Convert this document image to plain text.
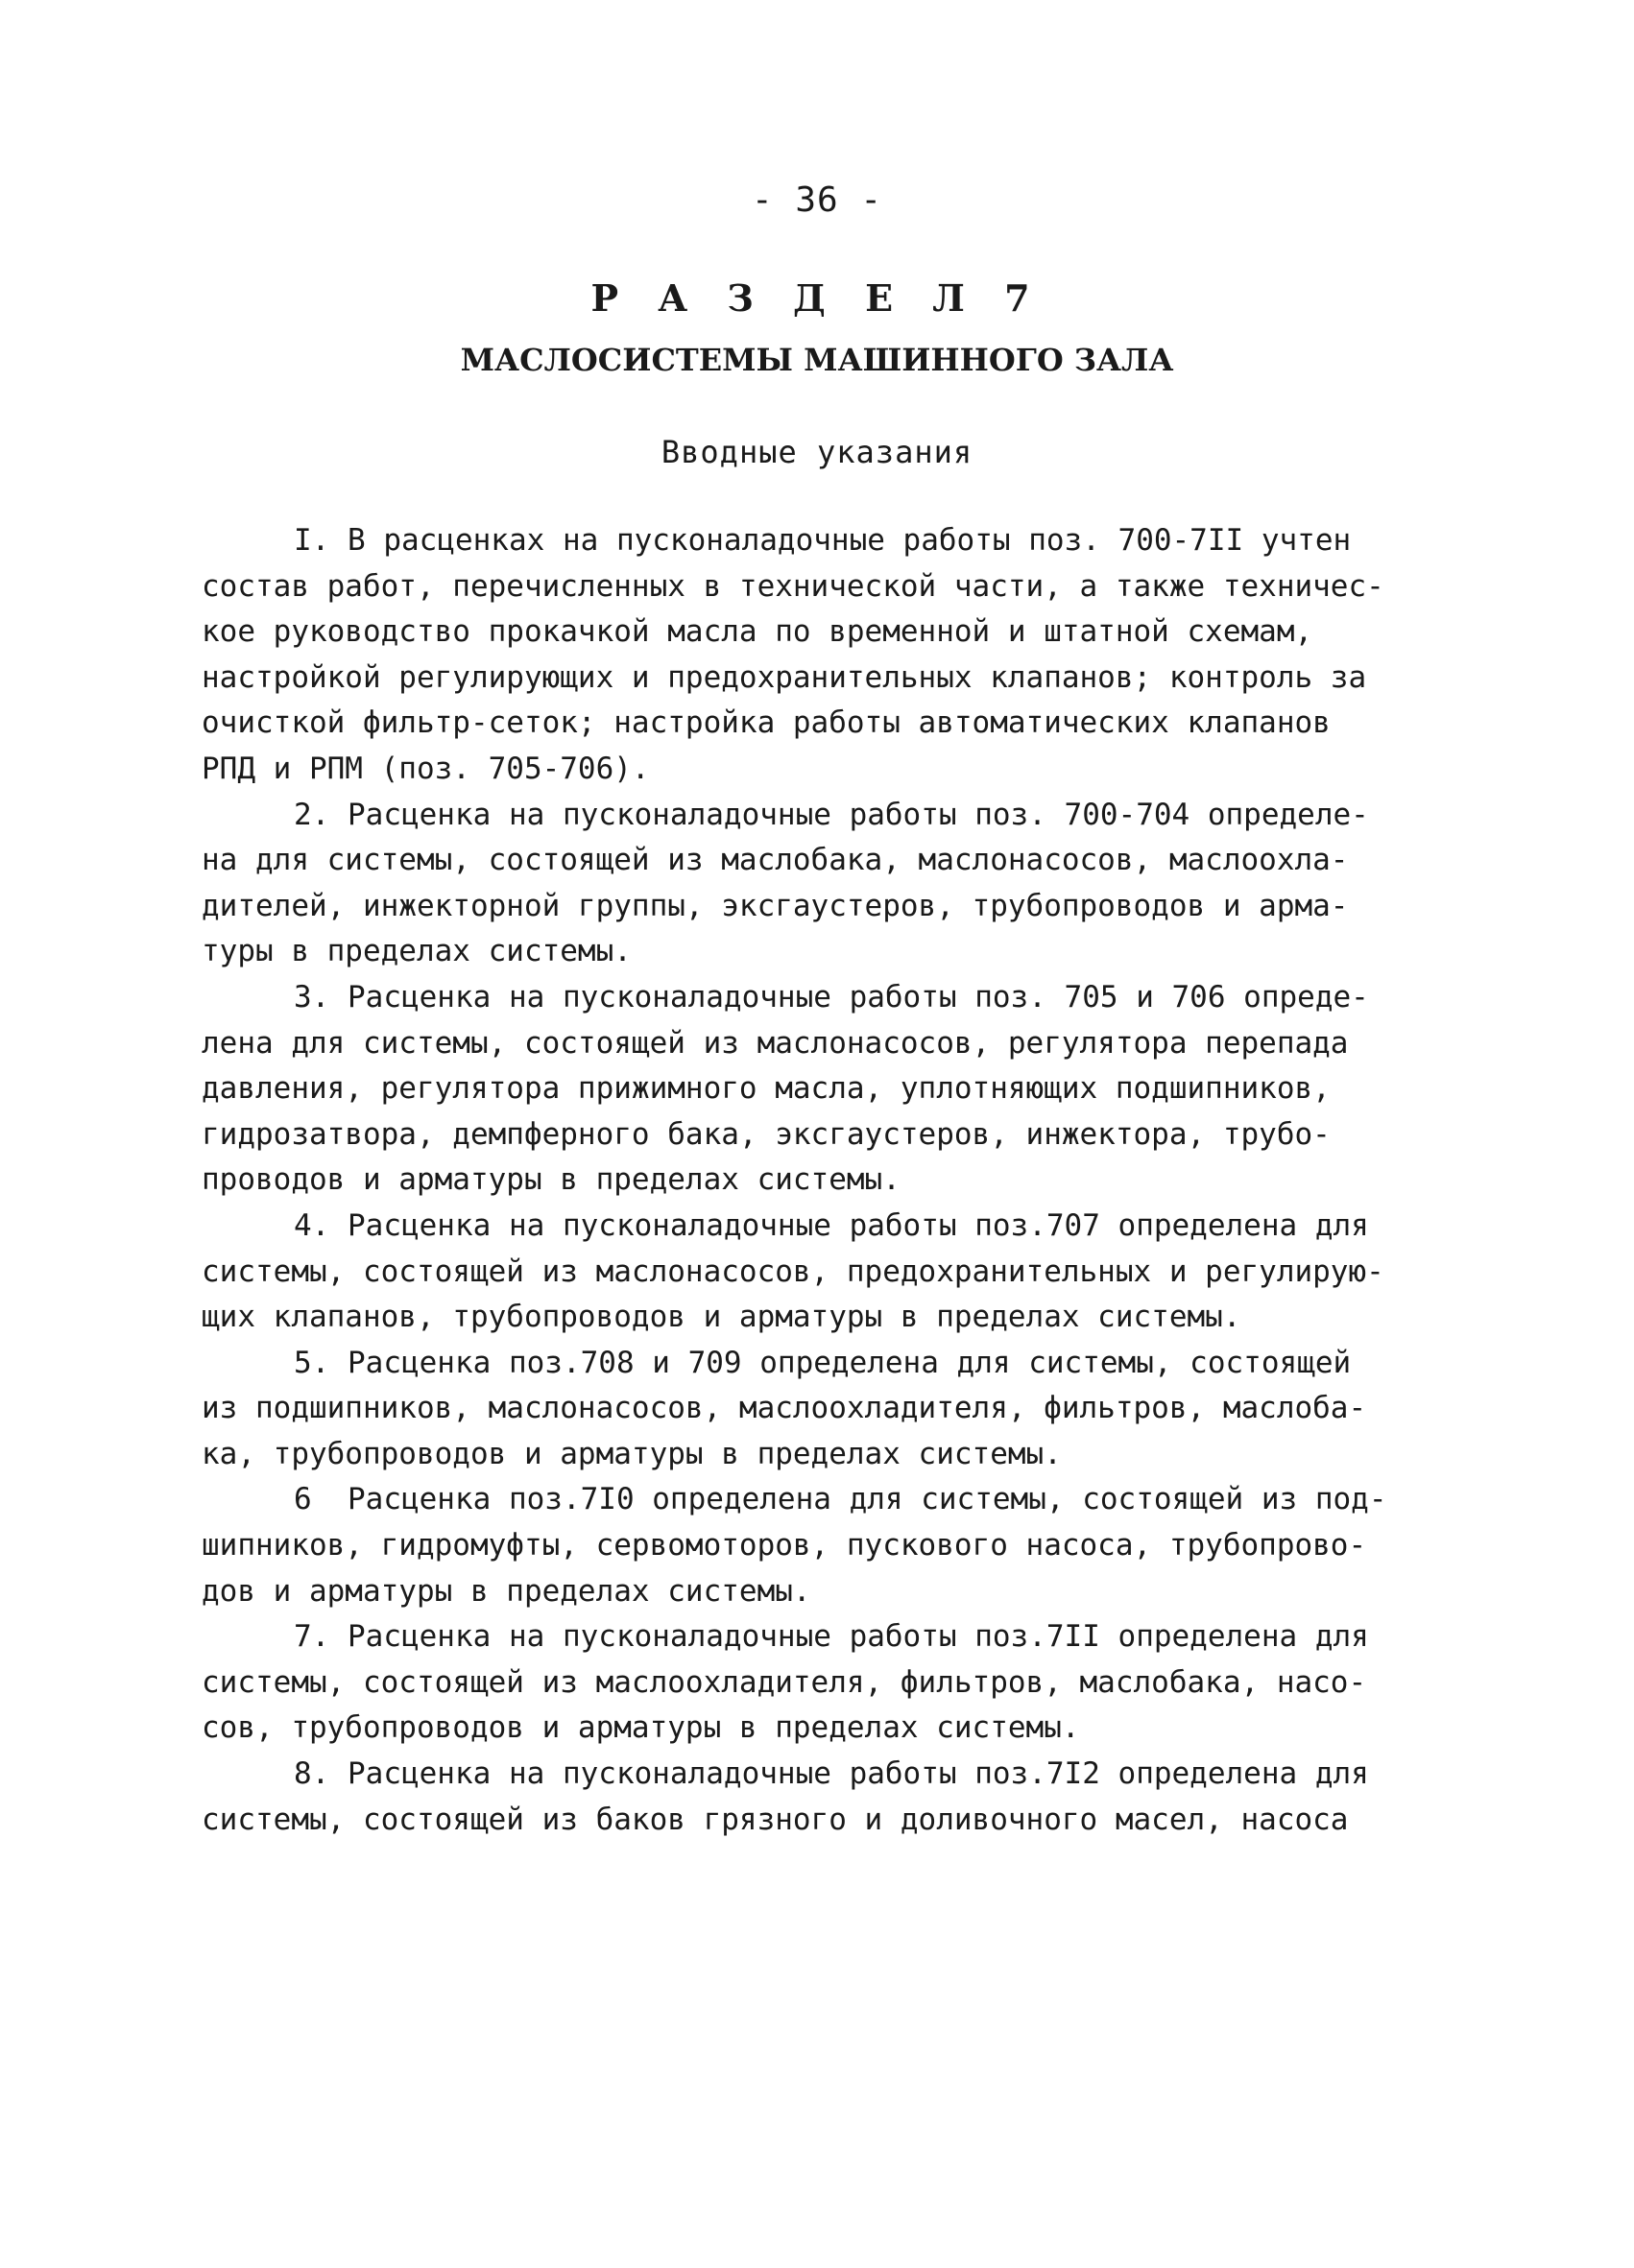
- 36 -
Р А З Д Е Л 7
МАСЛОСИСТЕМЫ МАШИННОГО ЗАЛА
Вводные указания
I. В расценках на пусконаладочные работы поз. 700-7II учтен
состав работ, перечисленных в технической части, а также техничес-
кое руководство прокачкой масла по временной и штатной схемам,
настройкой регулирующих и предохранительных клапанов; контроль за
очисткой фильтр-сеток; настройка работы автоматических клапанов
РПД и РПМ (поз. 705-706).
2. Расценка на пусконаладочные работы поз. 700-704 определе-
на для системы, состоящей из маслобака, маслонасосов, маслоохла-
дителей, инжекторной группы, эксгаустеров, трубопроводов и арма-
туры в пределах системы.
3. Расценка на пусконаладочные работы поз. 705 и 706 опреде-
лена для системы, состоящей из маслонасосов, регулятора перепада
давления, регулятора прижимного масла, уплотняющих подшипников,
гидрозатвора, демпферного бака, эксгаустеров, инжектора, трубо-
проводов и арматуры в пределах системы.
4. Расценка на пусконаладочные работы поз.707 определена для
системы, состоящей из маслонасосов, предохранительных и регулирую-
щих клапанов, трубопроводов и арматуры в пределах системы.
5. Расценка поз.708 и 709 определена для системы, состоящей
из подшипников, маслонасосов, маслоохладителя, фильтров, маслоба-
ка, трубопроводов и арматуры в пределах системы.
6  Расценка поз.7I0 определена для системы, состоящей из под-
шипников, гидромуфты, сервомоторов, пускового насоса, трубопрово-
дов и арматуры в пределах системы.
7. Расценка на пусконаладочные работы поз.7II определена для
системы, состоящей из маслоохладителя, фильтров, маслобака, насо-
сов, трубопроводов и арматуры в пределах системы.
8. Расценка на пусконаладочные работы поз.7I2 определена для
системы, состоящей из баков грязного и доливочного масел, насоса
